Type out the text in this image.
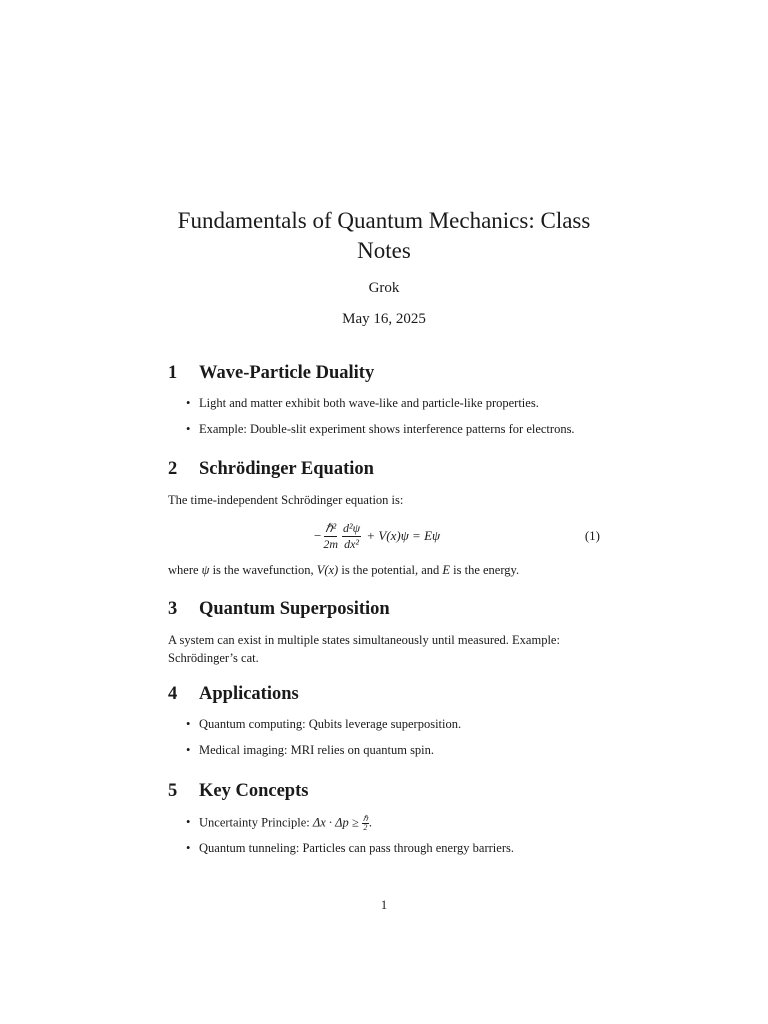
Fundamentals of Quantum Mechanics: Class
Notes

Grok

May 16, 2025

1 Wave-Particle Duality
• Light and matter exhibit both wave-like and particle-like properties.
• Example: Double-slit experiment shows interference patterns for electrons.
2 Schrödinger Equation

The time-independent Schrödinger equation is:

− $\frac{\text{ℏ²}}{2m} \frac{\text{d²ψ}}{\text{dx²}} + V(x)\psi = E\psi$	(1)

where ψ is the wavefunction, V(x) is the potential, and E is the energy.

3 Quantum Superposition

A system can exist in multiple states simultaneously until measured. Example:
Schrödinger’s cat.

4 Applications
• Quantum computing: Qubits leverage superposition.
• Medical imaging: MRI relies on quantum spin.
5 Key Concepts
• Uncertainty Principle: $\Delta x \cdot \Delta p \ge \frac{\text{ℏ}}{2}$ .
• Quantum tunneling: Particles can pass through energy barriers.
1
